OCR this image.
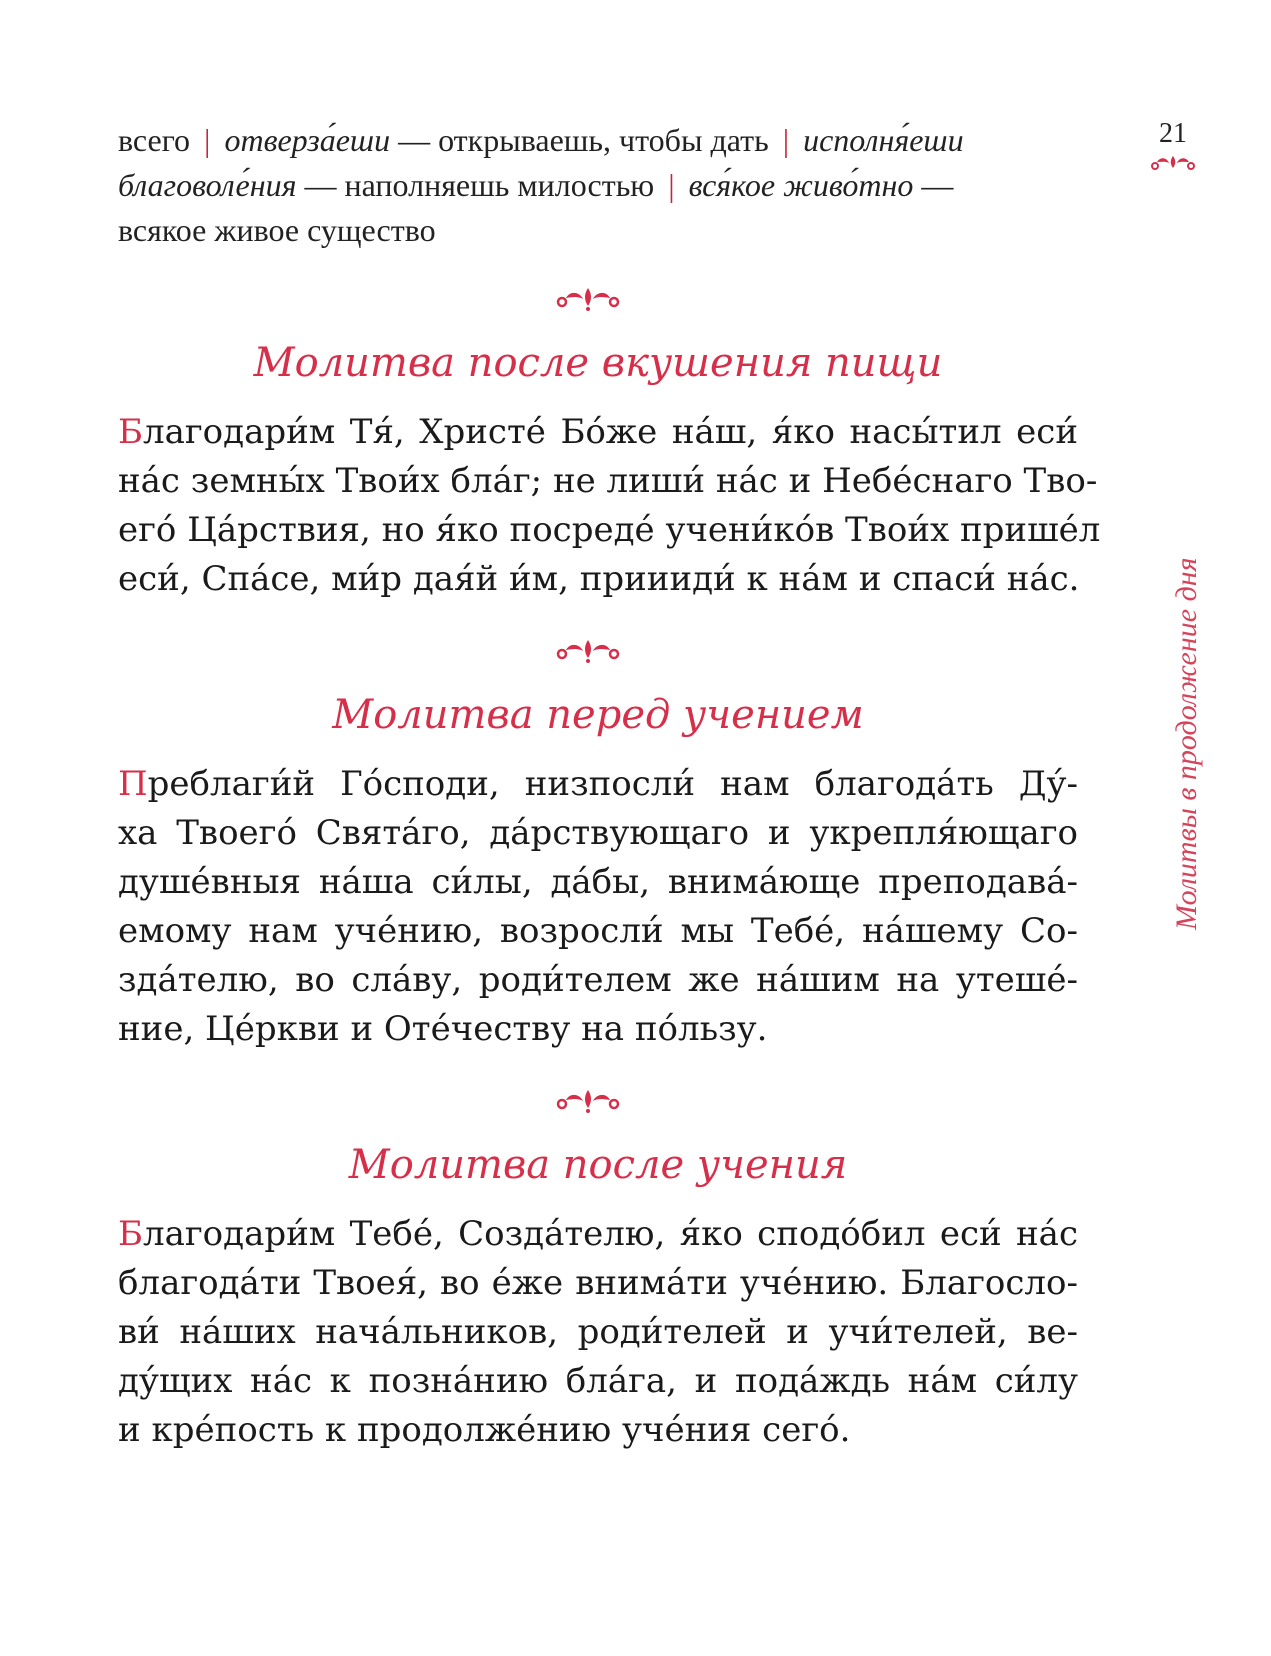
21
Молитвы в продолжение дня
всего | отверза́еши — открываешь, чтобы дать | исполня́еши
благоволе́ния — наполняешь милостью | вся́кое живо́тно —
всякое живое существо
Молитва после вкушения пищи
Благодари́м Тя́, Христе́ Бо́же на́ш, я́ко насы́тил еси́
на́с земны́х Твои́х бла́г; не лиши́ на́с и Небе́снаго Тво-
его́ Ца́рствия, но я́ко посреде́ учени́ко́в Твои́х прише́л
еси́, Спа́се, ми́р дая́й и́м, приииди́ к на́м и спаси́ на́с.
Молитва перед учением
Преблаги́й Го́споди, низпосли́ нам благода́ть Ду́-
ха Твоего́ Свята́го, да́рствующаго и укрепля́ющаго
душе́вныя на́ша си́лы, да́бы, внима́юще преподава́-
емому нам уче́нию, возросли́ мы Тебе́, на́шему Со-
зда́телю, во сла́ву, роди́телем же на́шим на утеше́-
ние, Це́ркви и Оте́честву на по́льзу.
Молитва после учения
Благодари́м Тебе́, Созда́телю, я́ко сподо́бил еси́ на́с
благода́ти Твоея́, во е́же внима́ти уче́нию. Благосло-
ви́ на́ших нача́льников, роди́телей и учи́телей, ве-
ду́щих на́с к позна́нию бла́га, и пода́ждь на́м си́лу
и кре́пость к продолже́нию уче́ния сего́.
